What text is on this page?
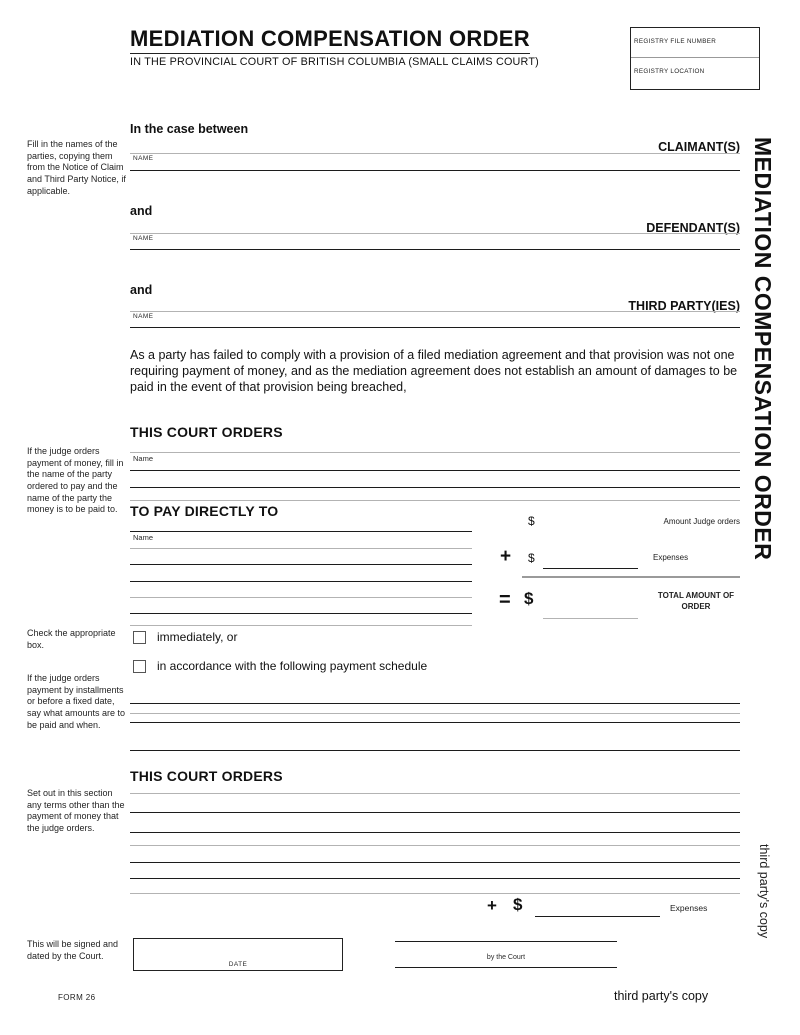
MEDIATION COMPENSATION ORDER
IN THE PROVINCIAL COURT OF BRITISH COLUMBIA (SMALL CLAIMS COURT)
REGISTRY FILE NUMBER
REGISTRY LOCATION
MEDIATION COMPENSATION ORDER
third party's copy
Fill in the names of the parties, copying them from the Notice of Claim and Third Party Notice, if applicable.
If the judge orders payment of money, fill in the name of the party ordered to pay and the name of the party the money is to be paid to.
Check the appropriate box.
If the judge orders payment by installments or before a fixed date, say what amounts are to be paid and when.
Set out in this section any terms other than the payment of money that the judge orders.
This will be signed and dated by the Court.
In the case between
CLAIMANT(S)
NAME
and
DEFENDANT(S)
NAME
and
THIRD PARTY(IES)
NAME
As a party has failed to comply with a provision of a filed mediation agreement and that provision was not one requiring payment of money, and as the mediation agreement does not establish an amount of damages to be paid in the event of that provision being breached,
THIS COURT ORDERS
Name
TO PAY DIRECTLY TO
Name
$	Amount Judge orders
+ $	Expenses
= $	TOTAL AMOUNT OF ORDER
immediately, or
in accordance with the following payment schedule
THIS COURT ORDERS
+ $	Expenses
DATE
by the Court
FORM 26	third party's copy
